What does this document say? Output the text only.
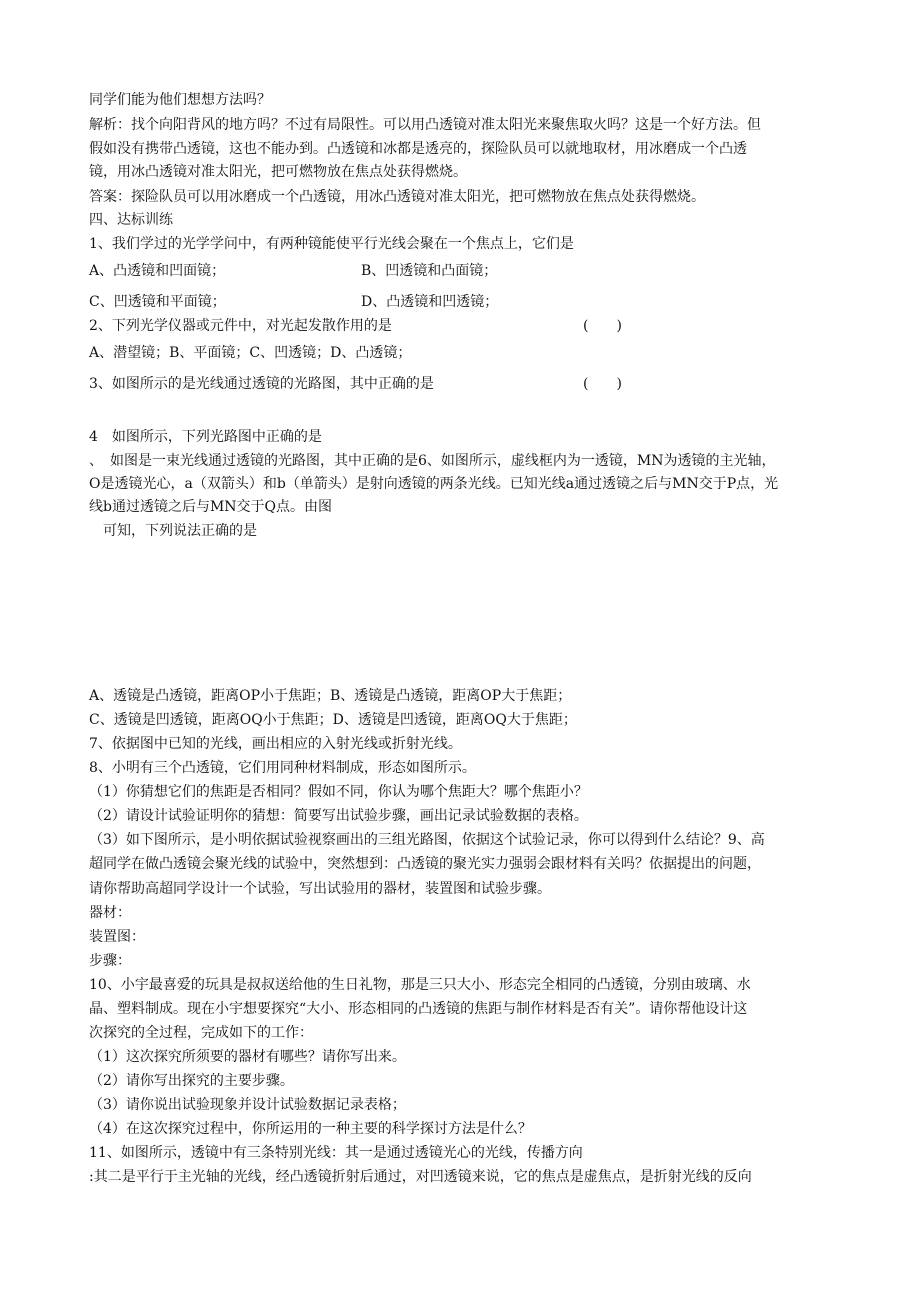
同学们能为他们想想方法吗？
解析：找个向阳背风的地方吗？不过有局限性。可以用凸透镜对准太阳光来聚焦取火吗？这是一个好方法。但
假如没有携带凸透镜，这也不能办到。凸透镜和冰都是透亮的，探险队员可以就地取材，用冰磨成一个凸透
镜，用冰凸透镜对准太阳光，把可燃物放在焦点处获得燃烧。
答案：探险队员可以用冰磨成一个凸透镜，用冰凸透镜对准太阳光，把可燃物放在焦点处获得燃烧。
四、达标训练
1、我们学过的光学学问中，有两种镜能使平行光线会聚在一个焦点上，它们是
A、凸透镜和凹面镜；	B、凹透镜和凸面镜；
C、凹透镜和平面镜；	D、凸透镜和凹透镜；
2、下列光学仪器或元件中，对光起发散作用的是	(　　)
A、潜望镜；B、平面镜；C、凹透镜；D、凸透镜；
3、如图所示的是光线通过透镜的光路图，其中正确的是	(　　)
4　如图所示，下列光路图中正确的是
、　如图是一束光线通过透镜的光路图，其中正确的是6、如图所示，虚线框内为一透镜，MN为透镜的主光轴，
O是透镜光心，a（双箭头）和b（单箭头）是射向透镜的两条光线。已知光线a通过透镜之后与MN交于P点，光
线b通过透镜之后与MN交于Q点。由图
　可知，下列说法正确的是
A、透镜是凸透镜，距离OP小于焦距；B、透镜是凸透镜，距离OP大于焦距；
C、透镜是凹透镜，距离OQ小于焦距；D、透镜是凹透镜，距离OQ大于焦距；
7、依据图中已知的光线，画出相应的入射光线或折射光线。
8、小明有三个凸透镜，它们用同种材料制成，形态如图所示。
（1）你猜想它们的焦距是否相同？假如不同，你认为哪个焦距大？哪个焦距小？
（2）请设计试验证明你的猜想：简要写出试验步骤，画出记录试验数据的表格。
（3）如下图所示，是小明依据试验视察画出的三组光路图，依据这个试验记录，你可以得到什么结论？9、高
超同学在做凸透镜会聚光线的试验中，突然想到：凸透镜的聚光实力强弱会跟材料有关吗？依据提出的问题，
请你帮助高超同学设计一个试验，写出试验用的器材，装置图和试验步骤。
器材：
装置图：
步骤：
10、小宇最喜爱的玩具是叔叔送给他的生日礼物，那是三只大小、形态完全相同的凸透镜，分别由玻璃、水
晶、塑料制成。现在小宇想要探究“大小、形态相同的凸透镜的焦距与制作材料是否有关”。请你帮他设计这
次探究的全过程，完成如下的工作：
（1）这次探究所须要的器材有哪些？请你写出来。
（2）请你写出探究的主要步骤。
（3）请你说出试验现象并设计试验数据记录表格；
（4）在这次探究过程中，你所运用的一种主要的科学探讨方法是什么？
11、如图所示，透镜中有三条特别光线：其一是通过透镜光心的光线，传播方向
:其二是平行于主光轴的光线，经凸透镜折射后通过，对凹透镜来说，它的焦点是虚焦点，是折射光线的反向
